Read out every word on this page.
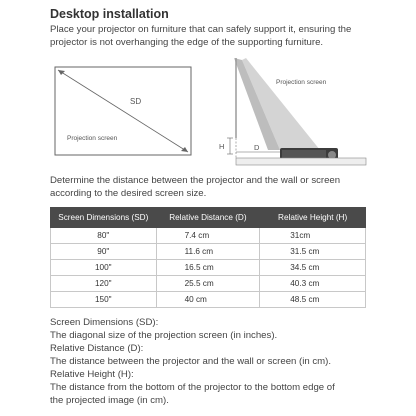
Desktop installation
Place your projector on furniture that can safely support it, ensuring the projector is not overhanging the edge of the supporting furniture.
SD
Projection screen
Projection screen
H	D
Determine the distance between the projector and the wall or screen according to the desired screen size.
Screen Dimensions (SD)	Relative Distance (D)	Relative Height (H)
80"	7.4 cm	31cm
90"	11.6 cm	31.5 cm
100"	16.5 cm	34.5 cm
120"	25.5 cm	40.3 cm
150"	40 cm	48.5 cm
Screen Dimensions (SD):
The diagonal size of the projection screen (in inches).
Relative Distance (D):
The distance between the projector and the wall or screen (in cm).
Relative Height (H):
The distance from the bottom of the projector to the bottom edge of
the projected image (in cm).
